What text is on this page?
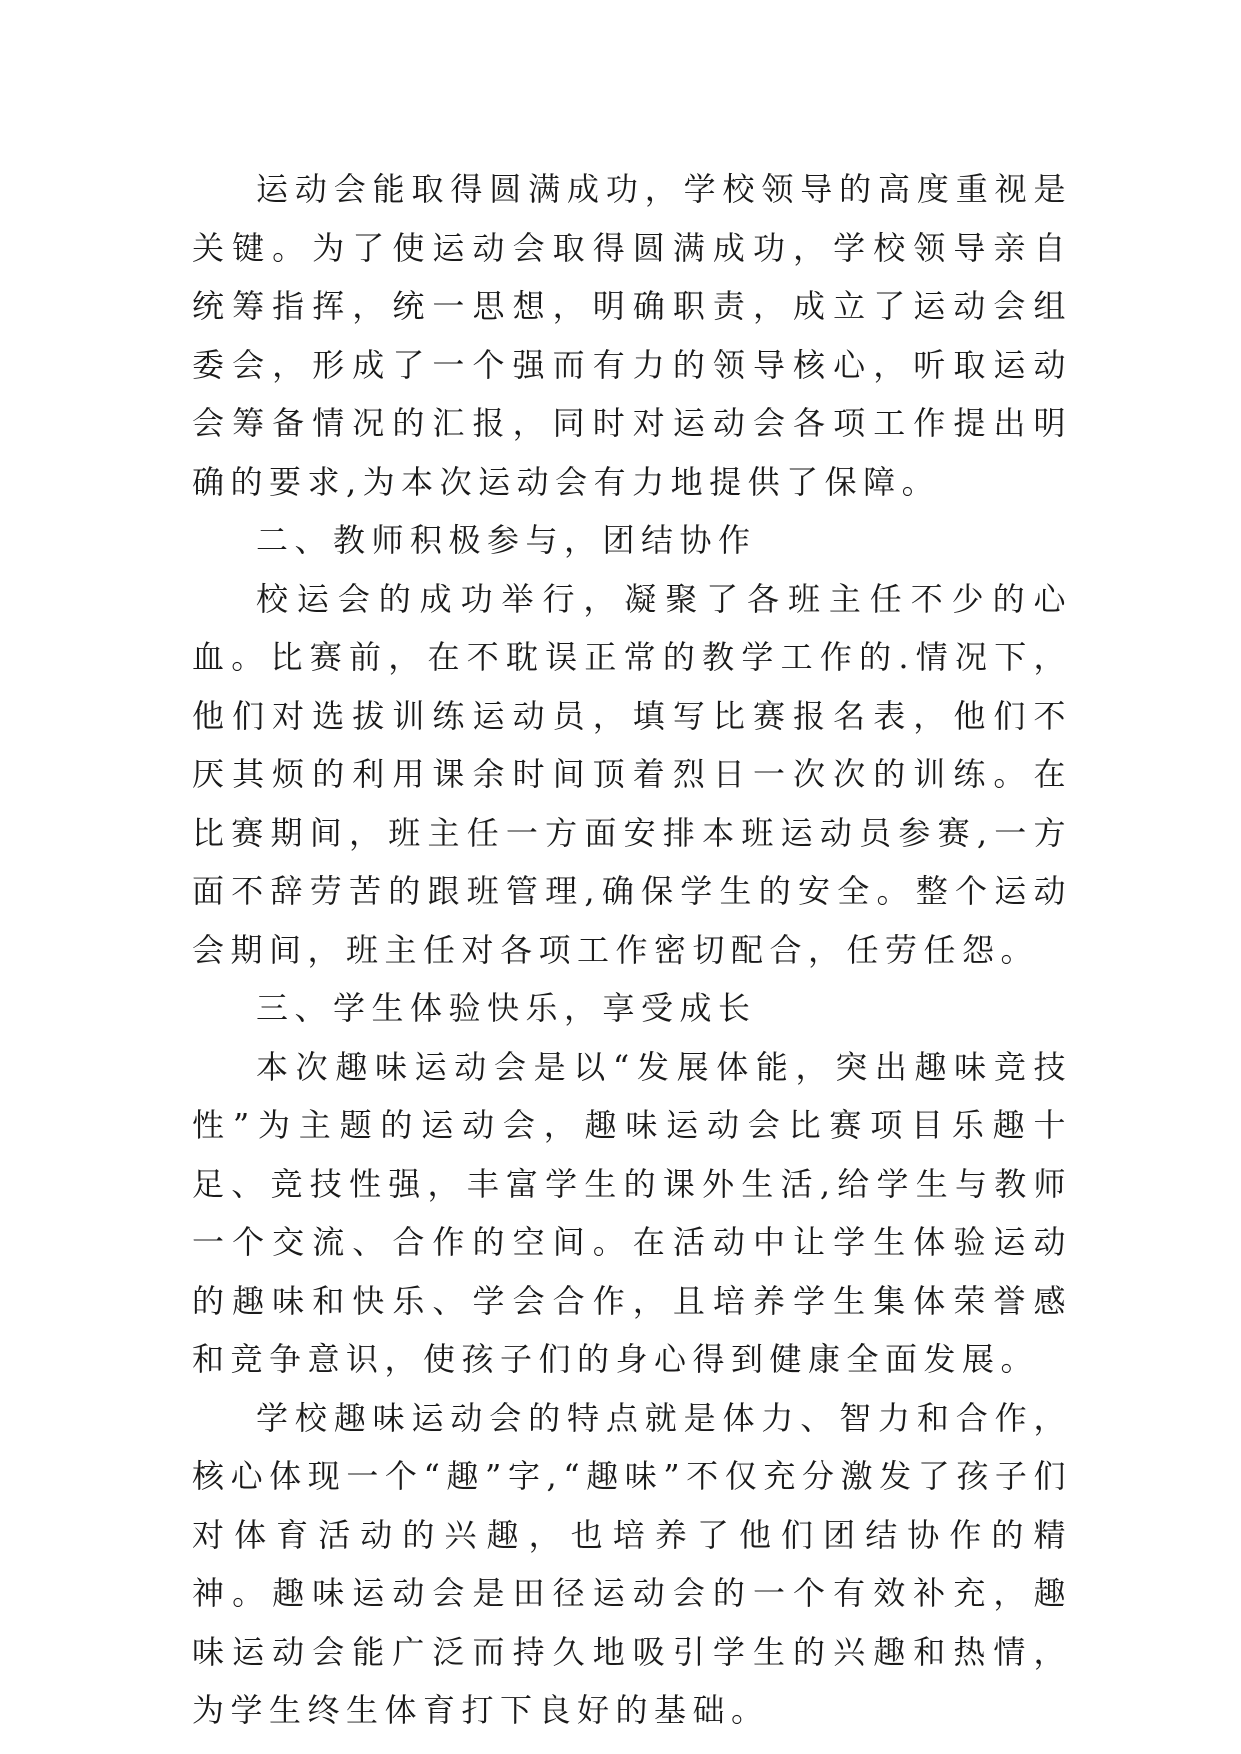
运动会能取得圆满成功，学校领导的高度重视是关键。为了使运动会取得圆满成功，学校领导亲自统筹指挥，统一思想，明确职责，成立了运动会组委会，形成了一个强而有力的领导核心，听取运动会筹备情况的汇报，同时对运动会各项工作提出明确的要求,为本次运动会有力地提供了保障。

二、教师积极参与，团结协作

校运会的成功举行，凝聚了各班主任不少的心血。比赛前，在不耽误正常的教学工作的.情况下，他们对选拔训练运动员，填写比赛报名表，他们不厌其烦的利用课余时间顶着烈日一次次的训练。在比赛期间，班主任一方面安排本班运动员参赛,一方面不辞劳苦的跟班管理,确保学生的安全。整个运动会期间，班主任对各项工作密切配合，任劳任怨。

三、学生体验快乐，享受成长

本次趣味运动会是以“发展体能，突出趣味竞技性”为主题的运动会，趣味运动会比赛项目乐趣十足、竞技性强，丰富学生的课外生活,给学生与教师一个交流、合作的空间。在活动中让学生体验运动的趣味和快乐、学会合作，且培养学生集体荣誉感和竞争意识，使孩子们的身心得到健康全面发展。

学校趣味运动会的特点就是体力、智力和合作，核心体现一个“趣”字,“趣味”不仅充分激发了孩子们对体育活动的兴趣，也培养了他们团结协作的精神。趣味运动会是田径运动会的一个有效补充，趣味运动会能广泛而持久地吸引学生的兴趣和热情，为学生终生体育打下良好的基础。
